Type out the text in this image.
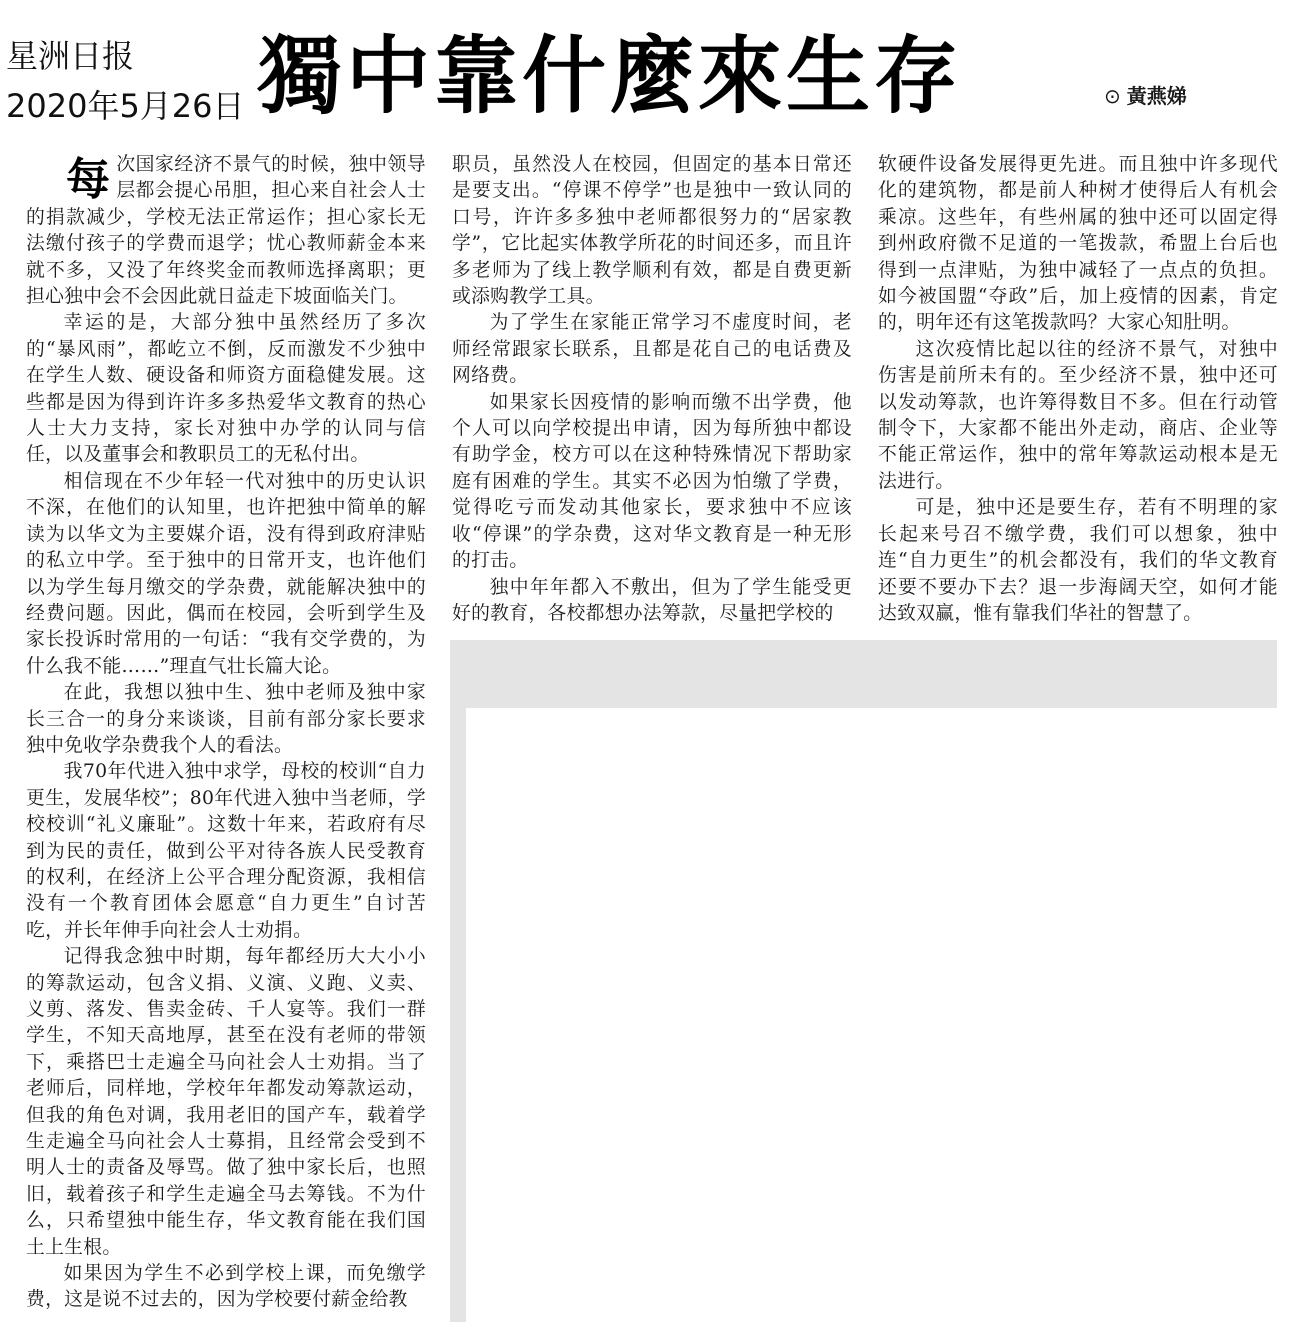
星洲日报
2020年5月26日 獨中靠什麼來生存	⊙ 黃燕娣

每次国家经济不景气的时候，独中领导层都会提心吊胆，担心来自社会人士的捐款减少，学校无法正常运作；担心家长无法缴付孩子的学费而退学；忧心教师薪金本来就不多，又没了年终奖金而教师选择离职；更担心独中会不会因此就日益走下坡面临关门。

幸运的是，大部分独中虽然经历了多次的“暴风雨”，都屹立不倒，反而激发不少独中在学生人数、硬设备和师资方面稳健发展。这些都是因为得到许许多多热爱华文教育的热心人士大力支持，家长对独中办学的认同与信任，以及董事会和教职员工的无私付出。

相信现在不少年轻一代对独中的历史认识不深，在他们的认知里，也许把独中简单的解读为以华文为主要媒介语，没有得到政府津贴的私立中学。至于独中的日常开支，也许他们以为学生每月缴交的学杂费，就能解决独中的经费问题。因此，偶而在校园，会听到学生及家长投诉时常用的一句话：“我有交学费的，为什么我不能……”理直气壮长篇大论。

在此，我想以独中生、独中老师及独中家长三合一的身分来谈谈，目前有部分家长要求独中免收学杂费我个人的看法。

我70年代进入独中求学，母校的校训“自力更生，发展华校”；80年代进入独中当老师，学校校训“礼义廉耻”。这数十年来，若政府有尽到为民的责任，做到公平对待各族人民受教育的权利，在经济上公平合理分配资源，我相信没有一个教育团体会愿意“自力更生”自讨苦吃，并长年伸手向社会人士劝捐。

记得我念独中时期，每年都经历大大小小的筹款运动，包含义捐、义演、义跑、义卖、义剪、落发、售卖金砖、千人宴等。我们一群学生，不知天高地厚，甚至在没有老师的带领下，乘搭巴士走遍全马向社会人士劝捐。当了老师后，同样地，学校年年都发动筹款运动，但我的角色对调，我用老旧的国产车，载着学生走遍全马向社会人士募捐，且经常会受到不明人士的责备及辱骂。做了独中家长后，也照旧，载着孩子和学生走遍全马去筹钱。不为什么，只希望独中能生存，华文教育能在我们国土上生根。

如果因为学生不必到学校上课，而免缴学费，这是说不过去的，因为学校要付薪金给教

职员，虽然没人在校园，但固定的基本日常还是要支出。“停课不停学”也是独中一致认同的口号，许许多多独中老师都很努力的“居家教学”，它比起实体教学所花的时间还多，而且许多老师为了线上教学顺利有效，都是自费更新或添购教学工具。

为了学生在家能正常学习不虚度时间，老师经常跟家长联系，且都是花自己的电话费及网络费。

如果家长因疫情的影响而缴不出学费，他个人可以向学校提出申请，因为每所独中都设有助学金，校方可以在这种特殊情况下帮助家庭有困难的学生。其实不必因为怕缴了学费，觉得吃亏而发动其他家长，要求独中不应该收“停课”的学杂费，这对华文教育是一种无形的打击。

独中年年都入不敷出，但为了学生能受更好的教育，各校都想办法筹款，尽量把学校的

软硬件设备发展得更先进。而且独中许多现代化的建筑物，都是前人种树才使得后人有机会乘凉。这些年，有些州属的独中还可以固定得到州政府微不足道的一笔拨款，希盟上台后也得到一点津贴，为独中减轻了一点点的负担。如今被国盟“夺政”后，加上疫情的因素，肯定的，明年还有这笔拨款吗？大家心知肚明。

这次疫情比起以往的经济不景气，对独中伤害是前所未有的。至少经济不景，独中还可以发动筹款，也许筹得数目不多。但在行动管制令下，大家都不能出外走动，商店、企业等不能正常运作，独中的常年筹款运动根本是无法进行。

可是，独中还是要生存，若有不明理的家长起来号召不缴学费，我们可以想象，独中连“自力更生”的机会都没有，我们的华文教育还要不要办下去？退一步海阔天空，如何才能达致双赢，惟有靠我们华社的智慧了。
